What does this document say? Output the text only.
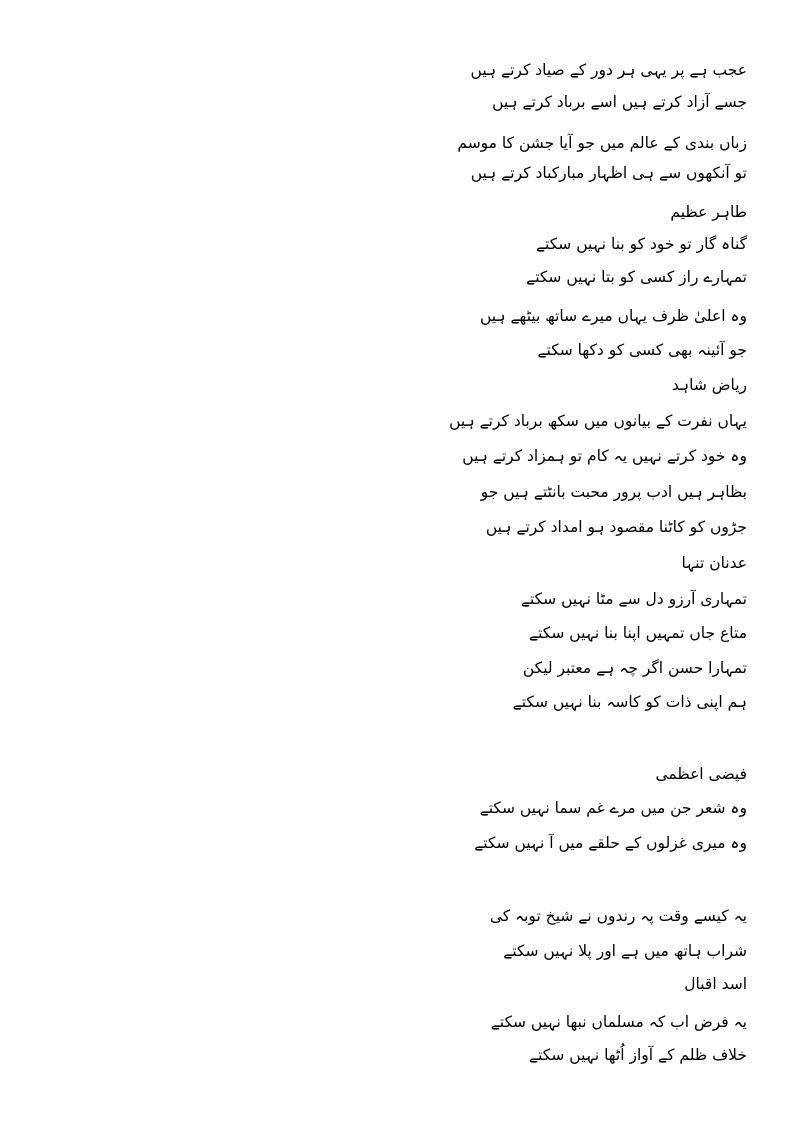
عجب ہے پر یہی ہر دور کے صیاد کرتے ہیں
جسے آزاد کرتے ہیں اسے برباد کرتے ہیں
زباں بندی کے عالم میں جو آیا جشن کا موسم
تو آنکھوں سے ہی اظہار مبارکباد کرتے ہیں
طاہر عظیم
گناہ گار تو خود کو بنا نہیں سکتے
تمہارے راز کسی کو بتا نہیں سکتے
وہ اعلیٰ ظرف یہاں میرے ساتھ بیٹھے ہیں
جو آئینہ بھی کسی کو دکھا سکتے
ریاض شاہد
یہاں نفرت کے بیانوں میں سکھ برباد کرتے ہیں
وہ خود کرتے نہیں یہ کام تو ہمزاد کرتے ہیں
بظاہر ہیں ادب پرور محبت بانٹتے ہیں جو
جڑوں کو کاٹنا مقصود ہو امداد کرتے ہیں
عدنان تنہا
تمہاری آرزو دل سے مٹا نہیں سکتے
متاع جاں تمہیں اپنا بنا نہیں سکتے
تمہارا حسن اگر چہ ہے معتبر لیکن
ہم اپنی ذات کو کاسہ بنا نہیں سکتے
فیضی اعظمی
وہ شعر جن میں مرے غم سما نہیں سکتے
وہ میری غزلوں کے حلقے میں آ نہیں سکتے
یہ کیسے وقت پہ رندوں نے شیخ توبہ کی
شراب ہاتھ میں ہے اور پلا نہیں سکتے
اسد اقبال
یہ فرض اب کہ مسلماں نبھا نہیں سکتے
خلاف ظلم کے آواز اُٹھا نہیں سکتے
